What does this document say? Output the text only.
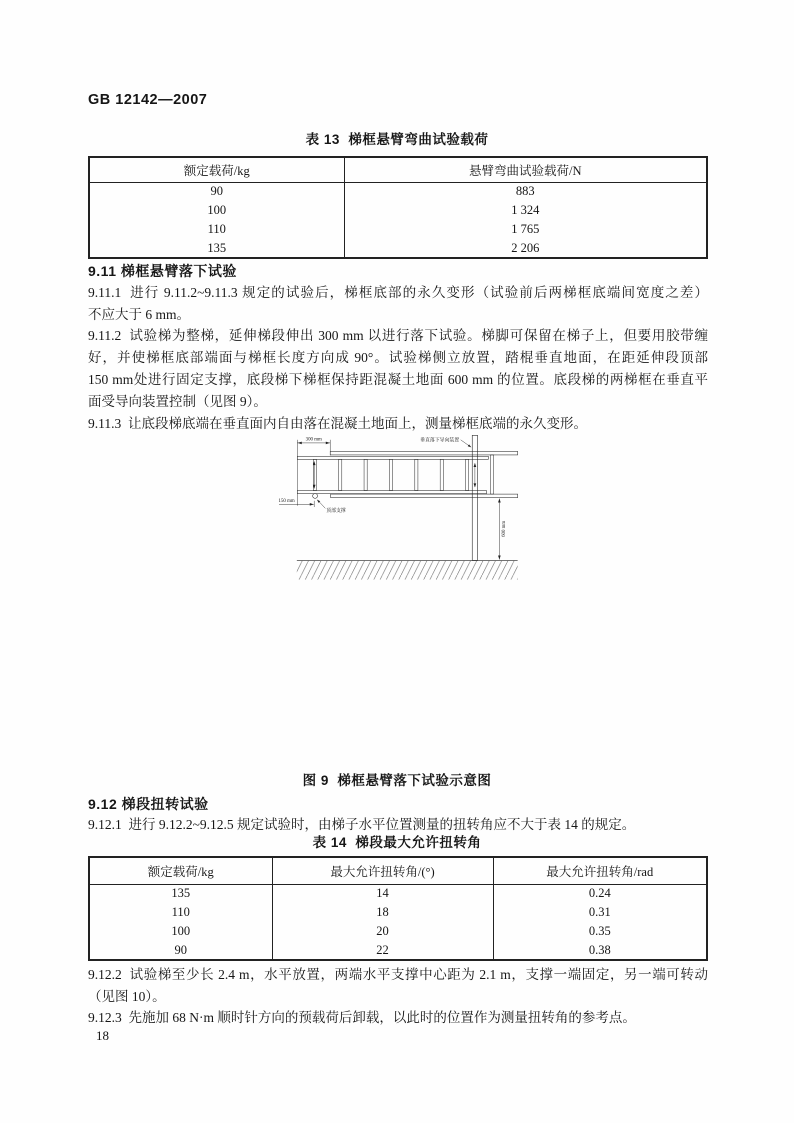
GB 12142—2007
表 13  梯框悬臂弯曲试验载荷
额定载荷/kg	悬臂弯曲试验载荷/N
90	883
100	1 324
110	1 765
135	2 206
9.11 梯框悬臂落下试验
9.11.1  进行 9.11.2~9.11.3 规定的试验后，梯框底部的永久变形（试验前后两梯框底端间宽度之差）
不应大于 6 mm。
9.11.2  试验梯为整梯，延伸梯段伸出 300 mm 以进行落下试验。梯脚可保留在梯子上，但要用胶带缠
好，并使梯框底部端面与梯框长度方向成 90°。试验梯侧立放置，踏棍垂直地面，在距延伸段顶部
150 mm处进行固定支撑，底段梯下梯框保持距混凝土地面 600 mm 的位置。底段梯的两梯框在垂直平
面受导向装置控制（见图 9）。
9.11.3  让底段梯底端在垂直面内自由落在混凝土地面上，测量梯框底端的永久变形。
300 mm
150 mm
600 mm
顶部支撑
垂直落下导向装置
图 9  梯框悬臂落下试验示意图
9.12 梯段扭转试验
9.12.1  进行 9.12.2~9.12.5 规定试验时，由梯子水平位置测量的扭转角应不大于表 14 的规定。
表 14  梯段最大允许扭转角
额定载荷/kg	最大允许扭转角/(°)	最大允许扭转角/rad
135	14	0.24
110	18	0.31
100	20	0.35
90	22	0.38
9.12.2  试验梯至少长 2.4 m，水平放置，两端水平支撑中心距为 2.1 m，支撑一端固定，另一端可转动
（见图 10）。
9.12.3  先施加 68 N·m 顺时针方向的预载荷后卸载，以此时的位置作为测量扭转角的参考点。
18
